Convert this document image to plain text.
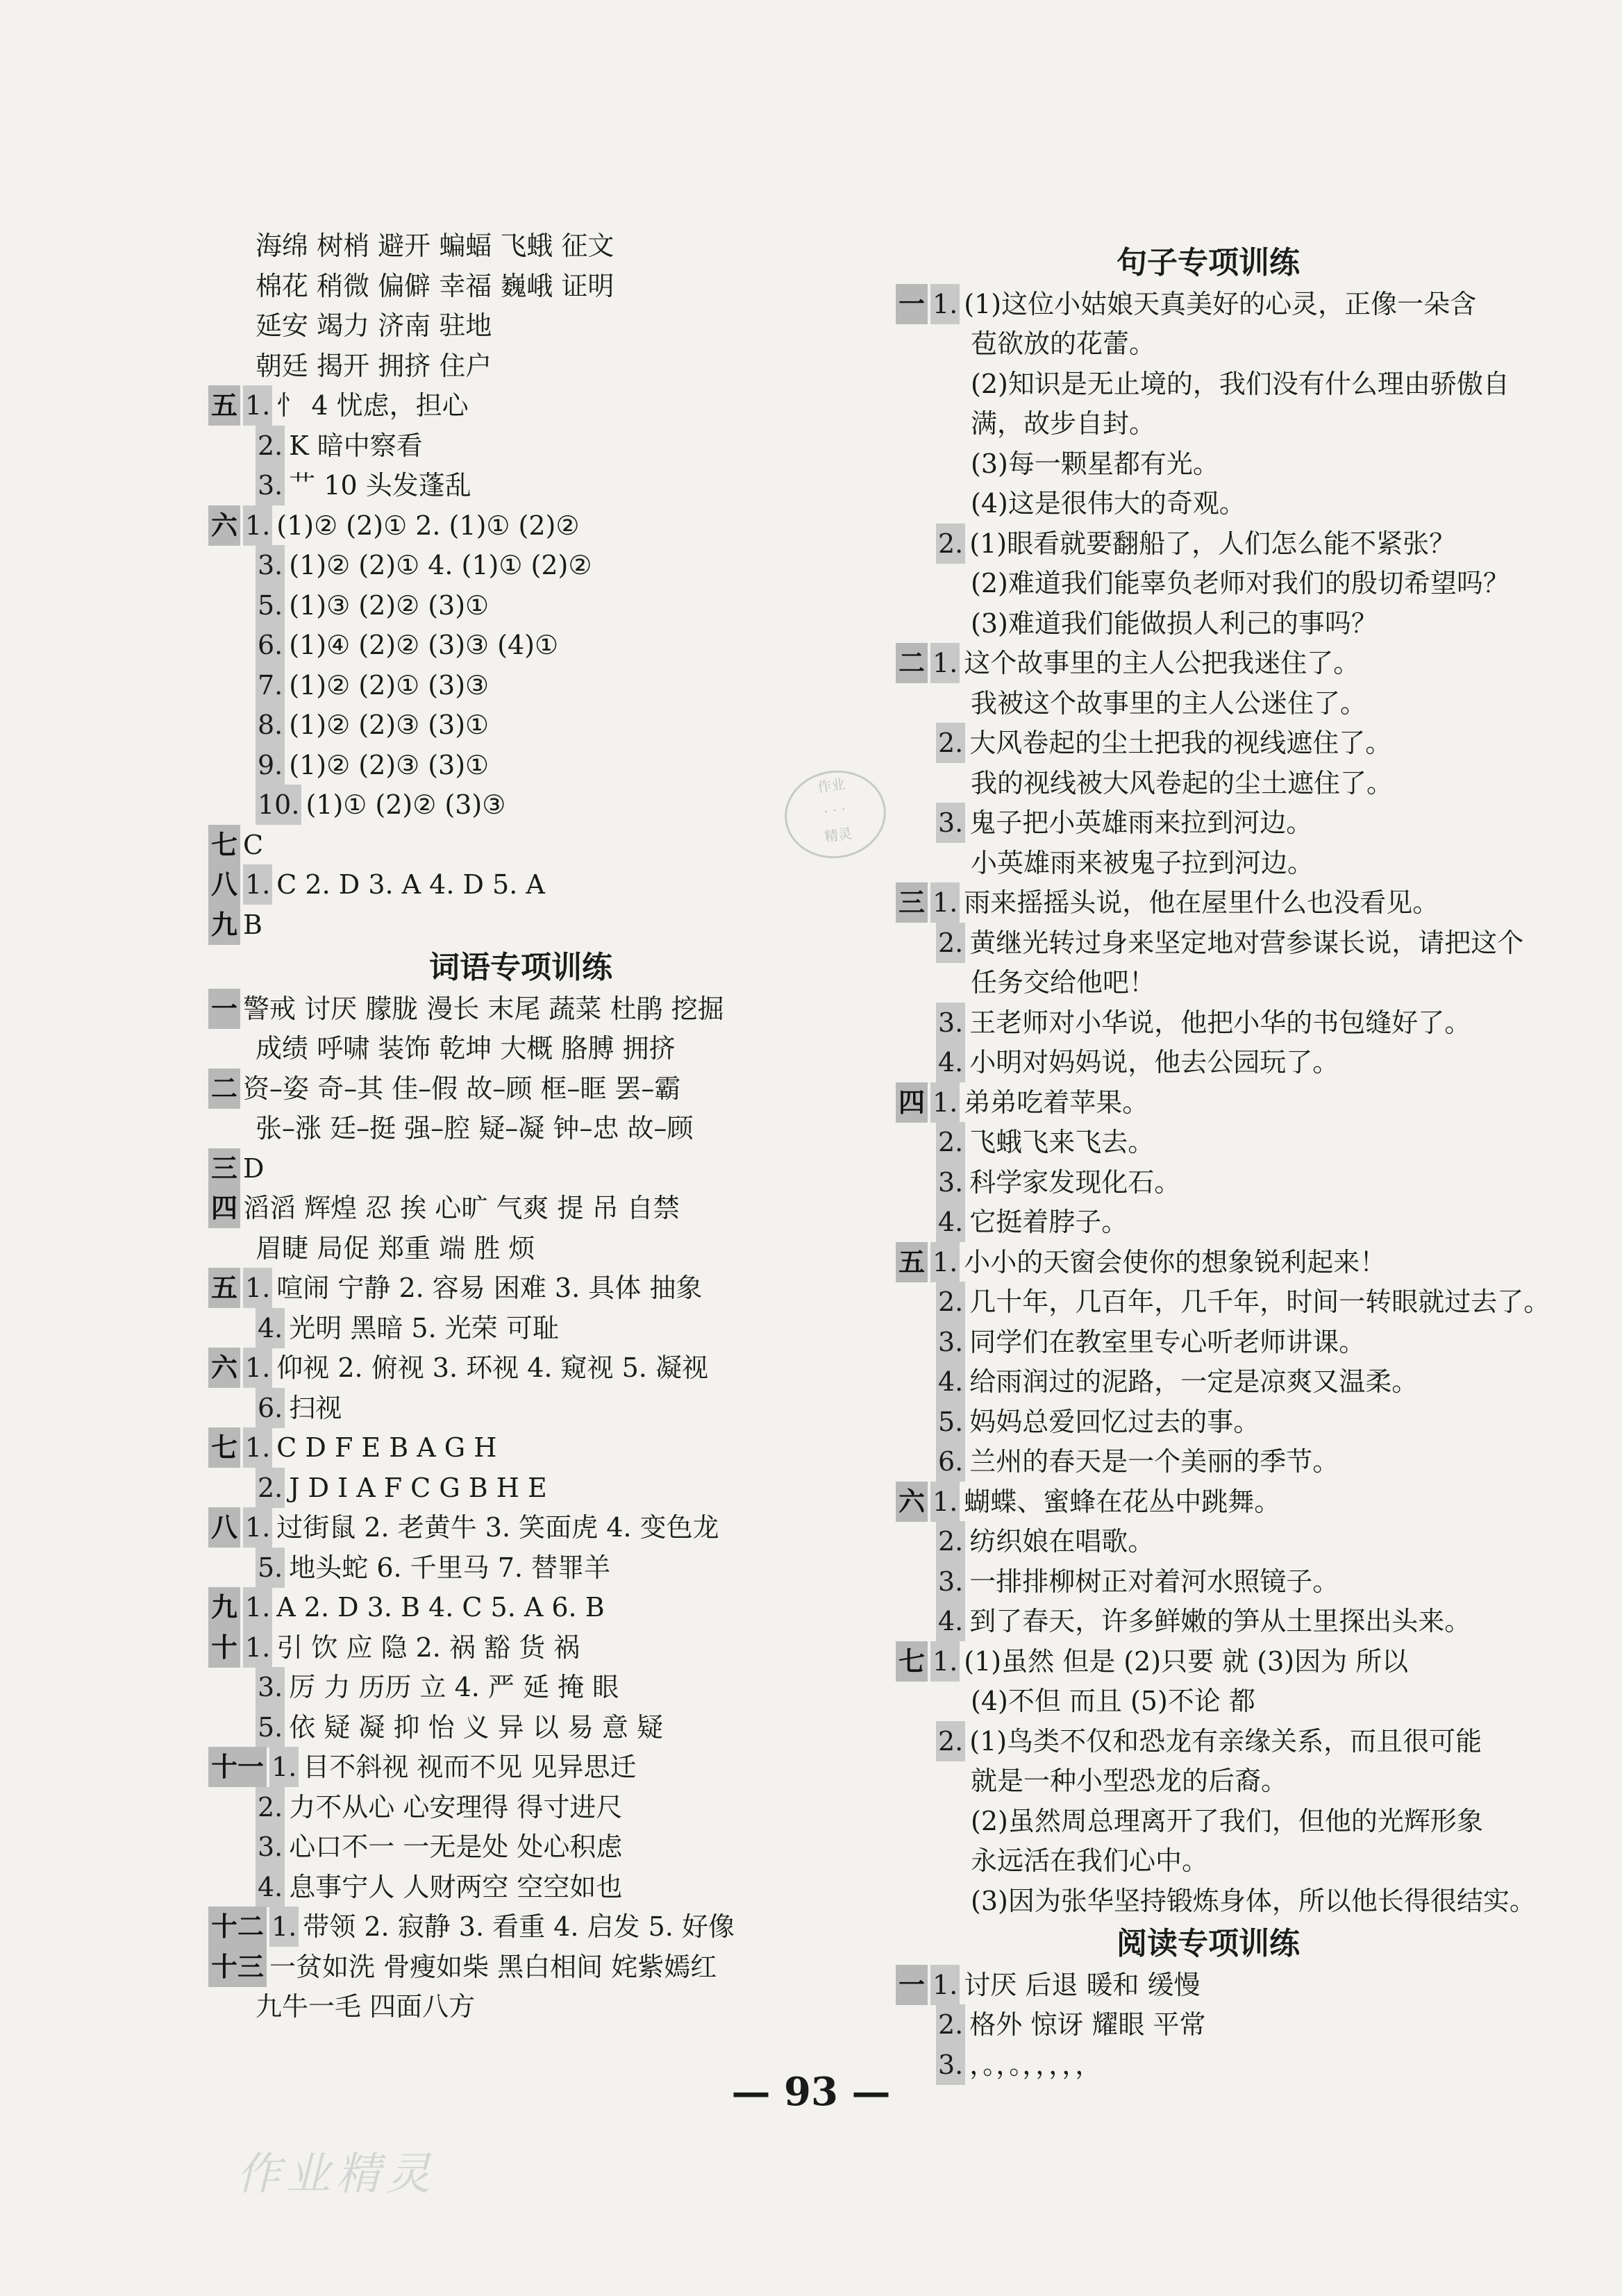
海绵 树梢 避开 蝙蝠 飞蛾 征文
棉花 稍微 偏僻 幸福 巍峨 证明
延安 竭力 济南 驻地
朝廷 揭开 拥挤 住户
五 1. 忄 4 忧虑，担心
2. K 暗中察看
3. 艹 10 头发蓬乱
六 1. (1)② (2)① 2. (1)① (2)②
3. (1)② (2)① 4. (1)① (2)②
5. (1)③ (2)② (3)①
6. (1)④ (2)② (3)③ (4)①
7. (1)② (2)① (3)③
8. (1)② (2)③ (3)①
9. (1)② (2)③ (3)①
10. (1)① (2)② (3)③
七 C
八 1. C 2. D 3. A 4. D 5. A
九 B
词语专项训练
一 警戒 讨厌 朦胧 漫长 末尾 蔬菜 杜鹃 挖掘
成绩 呼啸 装饰 乾坤 大概 胳膊 拥挤
二 资–姿 奇–其 佳–假 故–顾 框–眶 罢–霸
张–涨 廷–挺 强–腔 疑–凝 钟–忠 故–顾
三 D
四 滔滔 辉煌 忍 挨 心旷 气爽 提 吊 自禁
眉睫 局促 郑重 端 胜 烦
五 1. 喧闹 宁静 2. 容易 困难 3. 具体 抽象
4. 光明 黑暗 5. 光荣 可耻
六 1. 仰视 2. 俯视 3. 环视 4. 窥视 5. 凝视
6. 扫视
七 1. C D F E B A G H
2. J D I A F C G B H E
八 1. 过街鼠 2. 老黄牛 3. 笑面虎 4. 变色龙
5. 地头蛇 6. 千里马 7. 替罪羊
九 1. A 2. D 3. B 4. C 5. A 6. B
十 1. 引 饮 应 隐 2. 祸 豁 货 祸
3. 厉 力 历历 立 4. 严 延 掩 眼
5. 依 疑 凝 抑 怡 义 异 以 易 意 疑
十一 1. 目不斜视 视而不见 见异思迁
2. 力不从心 心安理得 得寸进尺
3. 心口不一 一无是处 处心积虑
4. 息事宁人 人财两空 空空如也
十二 1. 带领 2. 寂静 3. 看重 4. 启发 5. 好像
十三 一贫如洗 骨瘦如柴 黑白相间 姹紫嫣红
九牛一毛 四面八方
句子专项训练
一 1. (1)这位小姑娘天真美好的心灵，正像一朵含
苞欲放的花蕾。
(2)知识是无止境的，我们没有什么理由骄傲自
满，故步自封。
(3)每一颗星都有光。
(4)这是很伟大的奇观。
2. (1)眼看就要翻船了，人们怎么能不紧张？
(2)难道我们能辜负老师对我们的殷切希望吗？
(3)难道我们能做损人利己的事吗？
二 1. 这个故事里的主人公把我迷住了。
我被这个故事里的主人公迷住了。
2. 大风卷起的尘土把我的视线遮住了。
我的视线被大风卷起的尘土遮住了。
3. 鬼子把小英雄雨来拉到河边。
小英雄雨来被鬼子拉到河边。
三 1. 雨来摇摇头说，他在屋里什么也没看见。
2. 黄继光转过身来坚定地对营参谋长说，请把这个
任务交给他吧！
3. 王老师对小华说，他把小华的书包缝好了。
4. 小明对妈妈说，他去公园玩了。
四 1. 弟弟吃着苹果。
2. 飞蛾飞来飞去。
3. 科学家发现化石。
4. 它挺着脖子。
五 1. 小小的天窗会使你的想象锐利起来！
2. 几十年，几百年，几千年，时间一转眼就过去了。
3. 同学们在教室里专心听老师讲课。
4. 给雨润过的泥路，一定是凉爽又温柔。
5. 妈妈总爱回忆过去的事。
6. 兰州的春天是一个美丽的季节。
六 1. 蝴蝶、蜜蜂在花丛中跳舞。
2. 纺织娘在唱歌。
3. 一排排柳树正对着河水照镜子。
4. 到了春天，许多鲜嫩的笋从土里探出头来。
七 1. (1)虽然 但是 (2)只要 就 (3)因为 所以
(4)不但 而且 (5)不论 都
2. (1)鸟类不仅和恐龙有亲缘关系，而且很可能
就是一种小型恐龙的后裔。
(2)虽然周总理离开了我们，但他的光辉形象
永远活在我们心中。
(3)因为张华坚持锻炼身体，所以他长得很结实。
阅读专项训练
一 1. 讨厌 后退 暖和 缓慢
2. 格外 惊讶 耀眼 平常
3. ，。，。，，，，，
作业
· · ·
精灵
作业精灵
— 93 —
